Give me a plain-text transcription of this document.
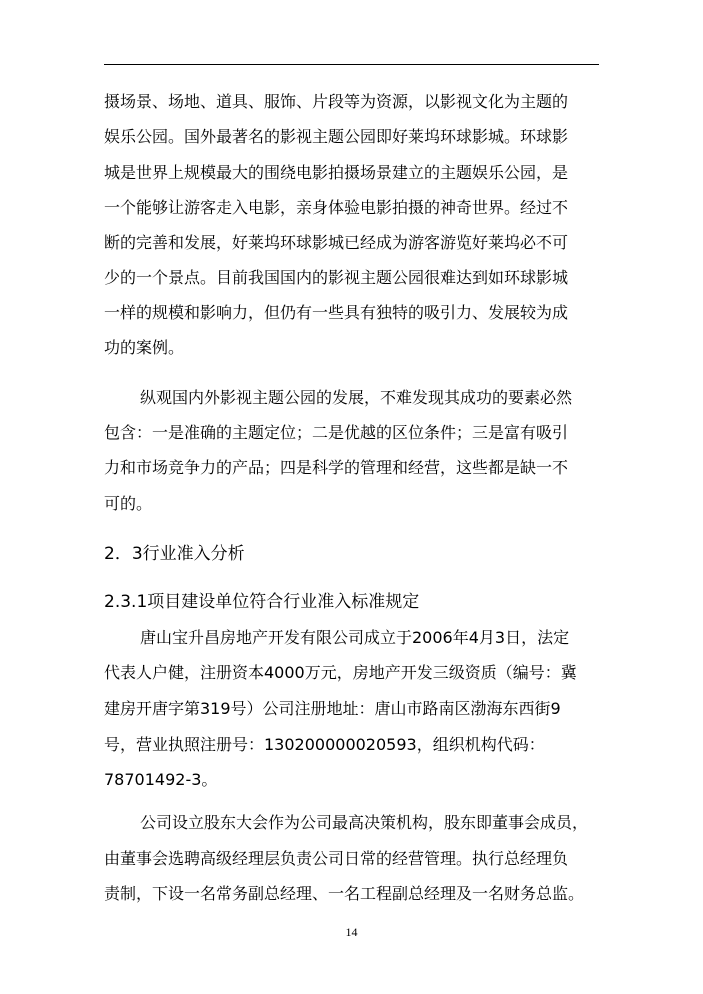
摄场景、场地、道具、服饰、片段等为资源，以影视文化为主题的
娱乐公园。国外最著名的影视主题公园即好莱坞环球影城。环球影
城是世界上规模最大的围绕电影拍摄场景建立的主题娱乐公园，是
一个能够让游客走入电影，亲身体验电影拍摄的神奇世界。经过不
断的完善和发展，好莱坞环球影城已经成为游客游览好莱坞必不可
少的一个景点。目前我国国内的影视主题公园很难达到如环球影城
一样的规模和影响力，但仍有一些具有独特的吸引力、发展较为成
功的案例。
纵观国内外影视主题公园的发展，不难发现其成功的要素必然
包含：一是准确的主题定位；二是优越的区位条件；三是富有吸引
力和市场竞争力的产品；四是科学的管理和经营，这些都是缺一不
可的。
2．3行业准入分析
2.3.1项目建设单位符合行业准入标准规定
唐山宝升昌房地产开发有限公司成立于2006年4月3日，法定
代表人户健，注册资本4000万元，房地产开发三级资质（编号：冀
建房开唐字第319号）公司注册地址：唐山市路南区渤海东西街9
号，营业执照注册号：130200000020593，组织机构代码：
78701492-3。
公司设立股东大会作为公司最高决策机构，股东即董事会成员，
由董事会选聘高级经理层负责公司日常的经营管理。执行总经理负
责制，下设一名常务副总经理、一名工程副总经理及一名财务总监。
14
